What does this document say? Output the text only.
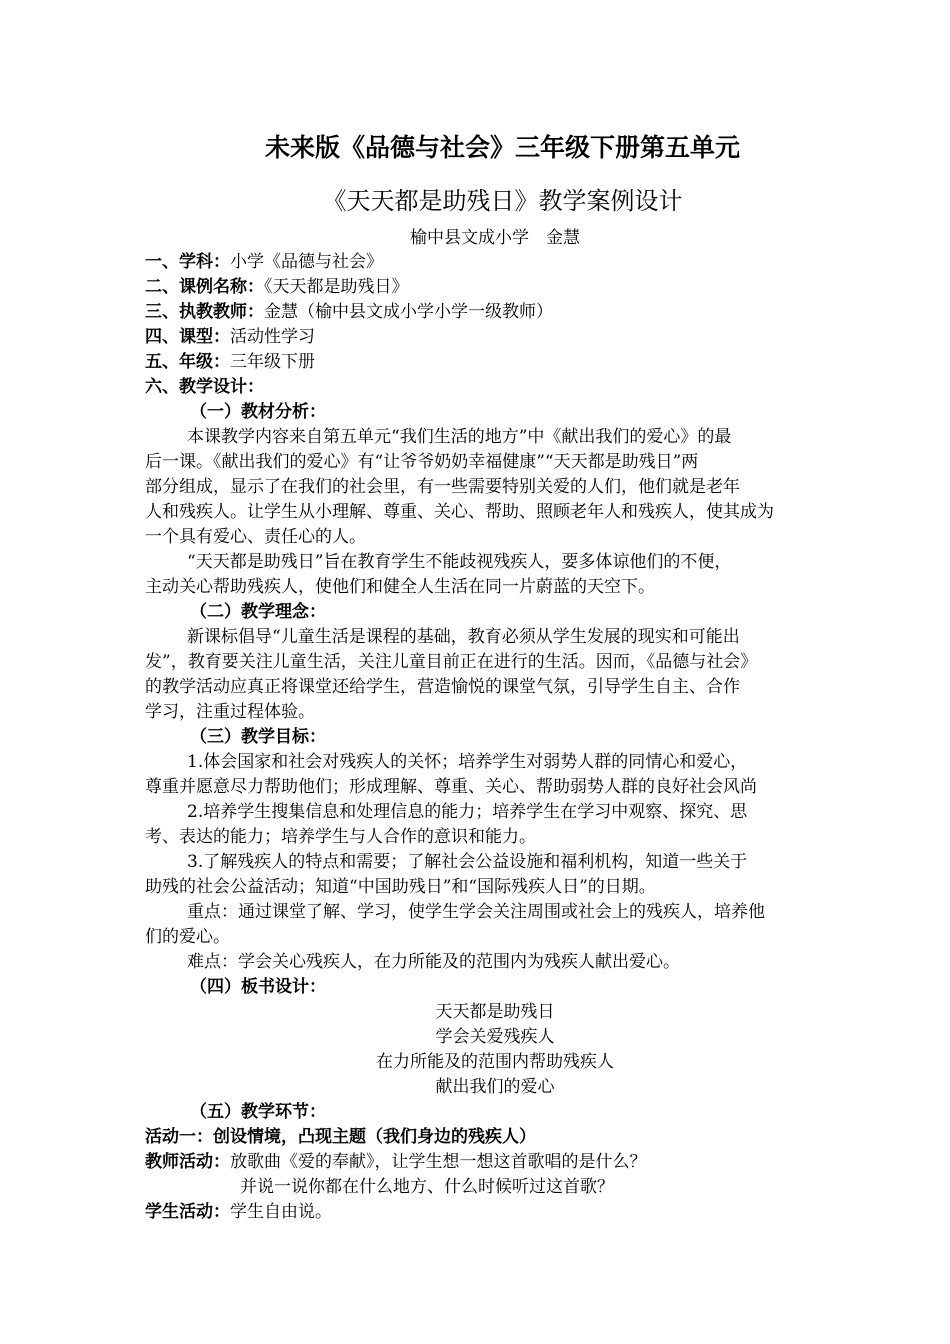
未来版《品德与社会》三年级下册第五单元
《天天都是助残日》教学案例设计
榆中县文成小学　金慧
一、学科：小学《品德与社会》
二、课例名称：《天天都是助残日》
三、执教教师：金慧（榆中县文成小学小学一级教师）
四、课型：活动性学习
五、年级：三年级下册
六、教学设计：
（一）教材分析：
本课教学内容来自第五单元“我们生活的地方”中《献出我们的爱心》的最
后一课。《献出我们的爱心》有“让爷爷奶奶幸福健康”“天天都是助残日”两
部分组成，显示了在我们的社会里，有一些需要特别关爱的人们，他们就是老年
人和残疾人。让学生从小理解、尊重、关心、帮助、照顾老年人和残疾人，使其成为
一个具有爱心、责任心的人。
“天天都是助残日”旨在教育学生不能歧视残疾人，要多体谅他们的不便，
主动关心帮助残疾人，使他们和健全人生活在同一片蔚蓝的天空下。
（二）教学理念：
新课标倡导“儿童生活是课程的基础，教育必须从学生发展的现实和可能出
发”，教育要关注儿童生活，关注儿童目前正在进行的生活。因而，《品德与社会》
的教学活动应真正将课堂还给学生，营造愉悦的课堂气氛，引导学生自主、合作
学习，注重过程体验。
（三）教学目标：
1.体会国家和社会对残疾人的关怀；培养学生对弱势人群的同情心和爱心，
尊重并愿意尽力帮助他们；形成理解、尊重、关心、帮助弱势人群的良好社会风尚
2.培养学生搜集信息和处理信息的能力；培养学生在学习中观察、探究、思
考、表达的能力；培养学生与人合作的意识和能力。
3.了解残疾人的特点和需要；了解社会公益设施和福利机构，知道一些关于
助残的社会公益活动；知道“中国助残日”和“国际残疾人日”的日期。
重点：通过课堂了解、学习，使学生学会关注周围或社会上的残疾人，培养他
们的爱心。
难点：学会关心残疾人，在力所能及的范围内为残疾人献出爱心。
（四）板书设计：
天天都是助残日
学会关爱残疾人
在力所能及的范围内帮助残疾人
献出我们的爱心
（五）教学环节：
活动一：创设情境，凸现主题（我们身边的残疾人）
教师活动：放歌曲《爱的奉献》，让学生想一想这首歌唱的是什么？
并说一说你都在什么地方、什么时候听过这首歌？
学生活动：学生自由说。
